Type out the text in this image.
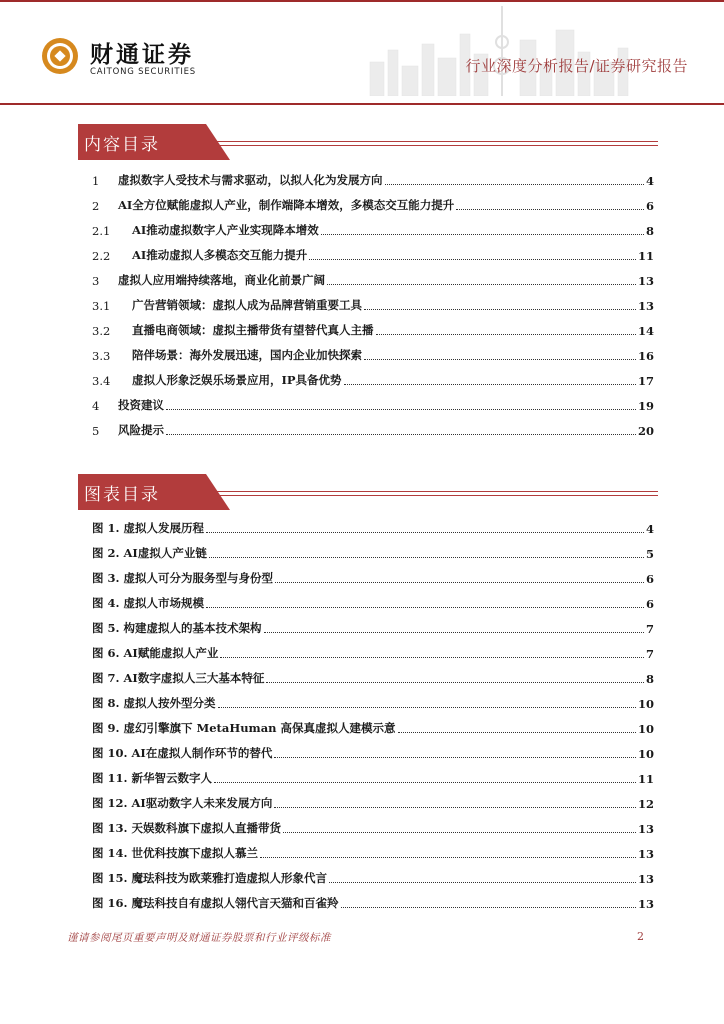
财通证券
CAITONG SECURITIES	行业深度分析报告/证券研究报告
内容目录
1	虚拟数字人受技术与需求驱动，以拟人化为发展方向	4
2	AI全方位赋能虚拟人产业，制作端降本增效，多模态交互能力提升	6
2.1	AI推动虚拟数字人产业实现降本增效	8
2.2	AI推动虚拟人多模态交互能力提升	11
3	虚拟人应用端持续落地，商业化前景广阔	13
3.1	广告营销领域：虚拟人成为品牌营销重要工具	13
3.2	直播电商领域：虚拟主播带货有望替代真人主播	14
3.3	陪伴场景：海外发展迅速，国内企业加快探索	16
3.4	虚拟人形象泛娱乐场景应用，IP具备优势	17
4	投资建议	19
5	风险提示	20
图表目录
图 1. 虚拟人发展历程	4
图 2. AI虚拟人产业链	5
图 3. 虚拟人可分为服务型与身份型	6
图 4. 虚拟人市场规模	6
图 5. 构建虚拟人的基本技术架构	7
图 6. AI赋能虚拟人产业	7
图 7. AI数字虚拟人三大基本特征	8
图 8. 虚拟人按外型分类	10
图 9. 虚幻引擎旗下 MetaHuman 高保真虚拟人建模示意	10
图 10. AI在虚拟人制作环节的替代	10
图 11. 新华智云数字人	11
图 12. AI驱动数字人未来发展方向	12
图 13. 天娱数科旗下虚拟人直播带货	13
图 14. 世优科技旗下虚拟人慕兰	13
图 15. 魔珐科技为欧莱雅打造虚拟人形象代言	13
图 16. 魔珐科技自有虚拟人翎代言天猫和百雀羚	13
谨请参阅尾页重要声明及财通证券股票和行业评级标准	2
